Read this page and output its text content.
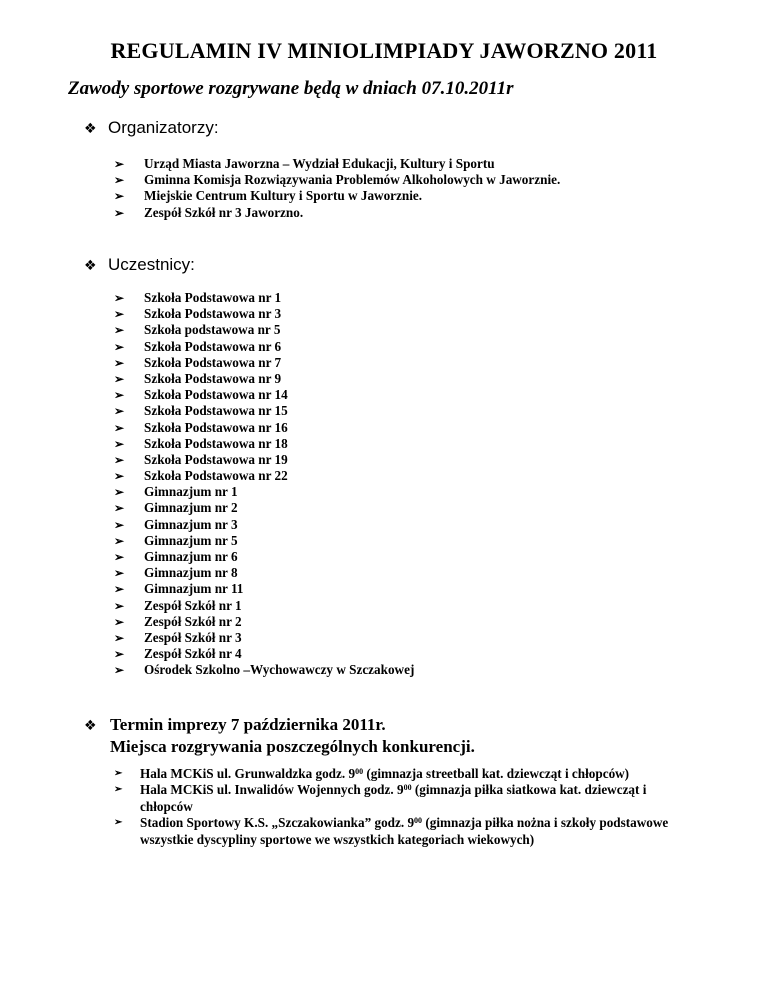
REGULAMIN IV MINIOLIMPIADY JAWORZNO 2011

Zawody sportowe rozgrywane będą w dniach 07.10.2011r

❖ Organizatorzy:
➢ Urząd Miasta Jaworzna – Wydział Edukacji, Kultury i Sportu
➢ Gminna Komisja Rozwiązywania Problemów Alkoholowych w Jaworznie.
➢ Miejskie Centrum Kultury i Sportu w Jaworznie.
➢ Zespół Szkół nr 3 Jaworzno.
❖ Uczestnicy:
➢ Szkoła Podstawowa nr 1
➢ Szkoła Podstawowa nr 3
➢ Szkoła podstawowa nr 5
➢ Szkoła Podstawowa nr 6
➢ Szkoła Podstawowa nr 7
➢ Szkoła Podstawowa nr 9
➢ Szkoła Podstawowa nr 14
➢ Szkoła Podstawowa nr 15
➢ Szkoła Podstawowa nr 16
➢ Szkoła Podstawowa nr 18
➢ Szkoła Podstawowa nr 19
➢ Szkoła Podstawowa nr 22
➢ Gimnazjum nr 1
➢ Gimnazjum nr 2
➢ Gimnazjum nr 3
➢ Gimnazjum nr 5
➢ Gimnazjum nr 6
➢ Gimnazjum nr 8
➢ Gimnazjum nr 11
➢ Zespół Szkół nr 1
➢ Zespół Szkół nr 2
➢ Zespół Szkół nr 3
➢ Zespół Szkół nr 4
➢ Ośrodek Szkolno –Wychowawczy w Szczakowej
❖ Termin imprezy 7 października 2011r.
Miejsca rozgrywania poszczególnych konkurencji.
➢ Hala MCKiS ul. Grunwaldzka godz. $9^{00}$ (gimnazja streetball kat. dziewcząt i chłopców)
➢ Hala MCKiS ul. Inwalidów Wojennych godz. $9^{00}$ (gimnazja piłka siatkowa kat. dziewcząt i chłopców
➢ Stadion Sportowy K.S. „Szczakowianka” godz. $9^{00}$ (gimnazja piłka nożna i szkoły podstawowe wszystkie dyscypliny sportowe we wszystkich kategoriach wiekowych)
